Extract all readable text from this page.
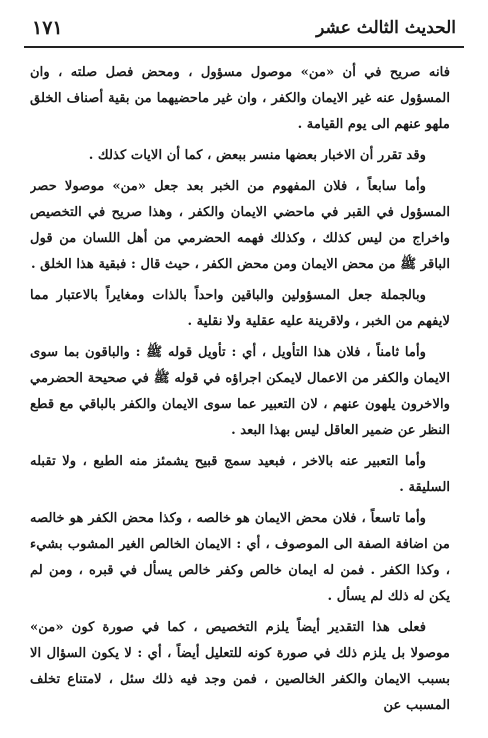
الحديث الثالث عشر
١٧١

فانه صريح في أن «من» موصول مسؤول ، ومحض فصل صلته ، وان المسؤول عنه غير الايمان والكفر ، وان غير ماحضيهما من بقية أصناف الخلق ملهو عنهم الى يوم القيامة .

وقد تقرر أن الاخبار بعضها منسر ببعض ، كما أن الايات كذلك .

وأما سابعاً ، فلان المفهوم من الخبر بعد جعل «من» موصولا حصر المسؤول في القبر في ماحضي الايمان والكفر ، وهذا صريح في التخصيص واخراج من ليس كذلك ، وكذلك فهمه الحضرمي من أهل اللسان من قول الباقر ﷺ من محض الايمان ومن محض الكفر ، حيث قال : فبقية هذا الخلق .

وبالجملة جعل المسؤولين والباقين واحداً بالذات ومغايراً بالاعتبار مما لايفهم من الخبر ، ولاقرينة عليه عقلية ولا نقلية .

وأما ثامناً ، فلان هذا التأويل ، أي : تأويل قوله ﷺ : والباقون بما سوى الايمان والكفر من الاعمال لايمكن اجراؤه في قوله ﷺ في صحيحة الحضرمي والاخرون يلهون عنهم ، لان التعبير عما سوى الايمان والكفر بالباقي مع قطع النظر عن ضمير العاقل ليس بهذا البعد .

وأما التعبير عنه بالاخر ، فبعيد سمج قبيح يشمئز منه الطبع ، ولا تقبله السليقة .

وأما تاسعاً ، فلان محض الايمان هو خالصه ، وكذا محض الكفر هو خالصه من اضافة الصفة الى الموصوف ، أي : الايمان الخالص الغير المشوب بشيء ، وكذا الكفر . فمن له ايمان خالص وكفر خالص يسأل في قبره ، ومن لم يكن له ذلك لم يسأل .

فعلى هذا التقدير أيضاً يلزم التخصيص ، كما في صورة كون «من» موصولا بل يلزم ذلك في صورة كونه للتعليل أيضاً ، أي : لا يكون السؤال الا بسبب الايمان والكفر الخالصين ، فمن وجد فيه ذلك سئل ، لامتناع تخلف المسبب عن
